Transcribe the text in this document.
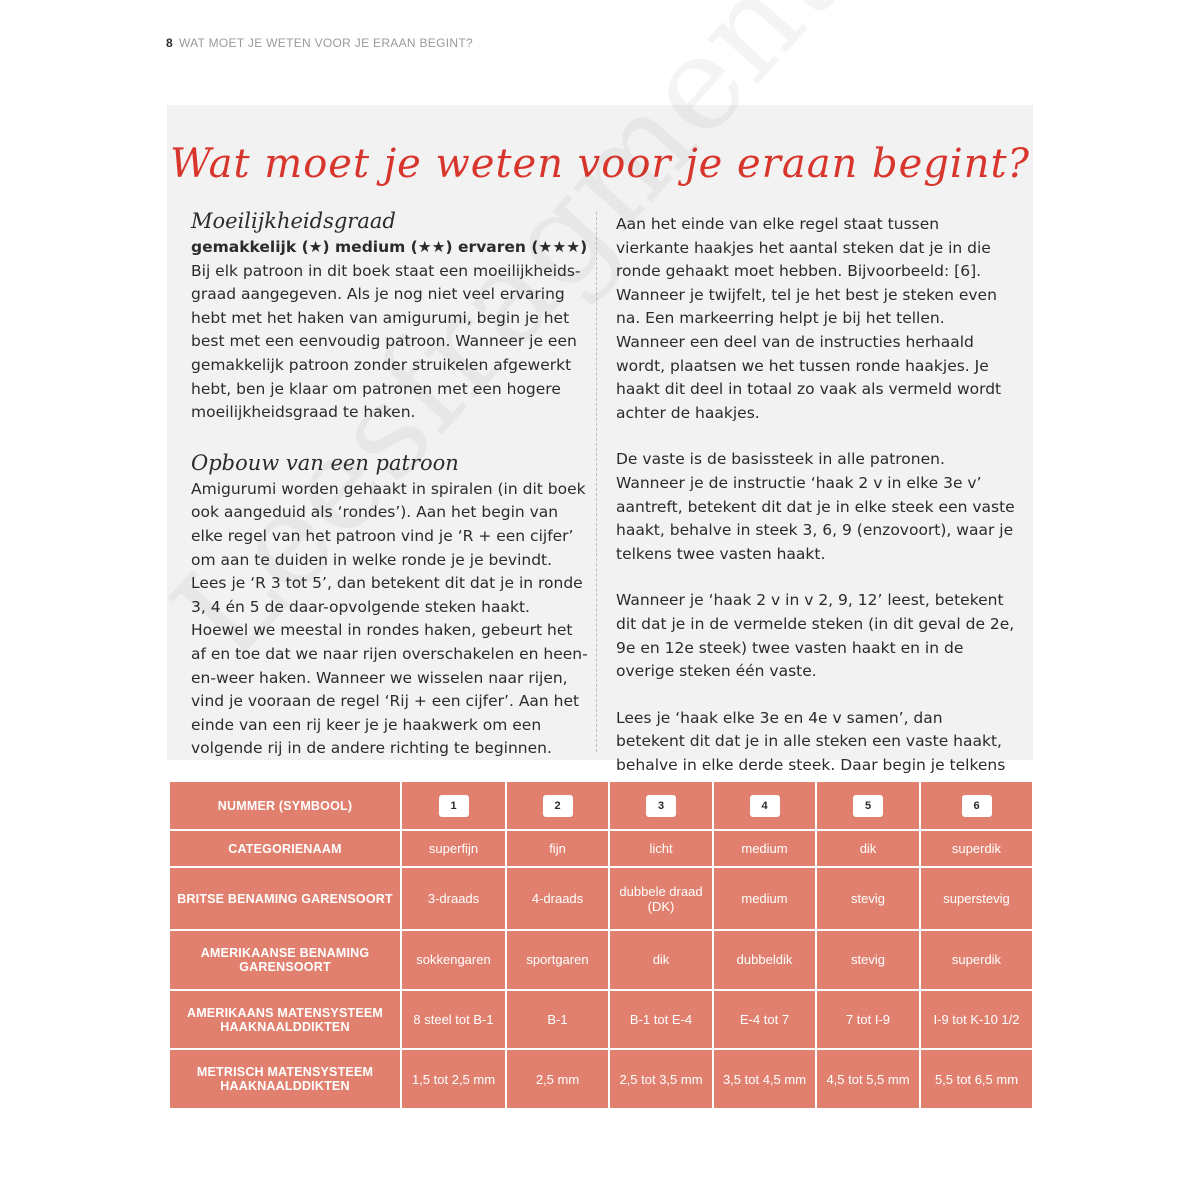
8 WAT MOET JE WETEN VOOR JE ERAAN BEGINT?
Wat moet je weten voor je eraan begint?

Moeilijkheidsgraad

gemakkelijk (★) medium (★★) ervaren (★★★)

Bij elk patroon in dit boek staat een moeilijkheids-graad aangegeven. Als je nog niet veel ervaring hebt met het haken van amigurumi, begin je het best met een eenvoudig patroon. Wanneer je een gemakkelijk patroon zonder struikelen afgewerkt hebt, ben je klaar om patronen met een hogere moeilijkheidsgraad te haken.

Opbouw van een patroon

Amigurumi worden gehaakt in spiralen (in dit boek ook aangeduid als ‘rondes’). Aan het begin van elke regel van het patroon vind je ‘R + een cijfer’ om aan te duiden in welke ronde je je bevindt. Lees je ‘R 3 tot 5’, dan betekent dit dat je in ronde 3, 4 én 5 de daar-opvolgende steken haakt.

Hoewel we meestal in rondes haken, gebeurt het af en toe dat we naar rijen overschakelen en heen-en-weer haken. Wanneer we wisselen naar rijen, vind je vooraan de regel ‘Rij + een cijfer’. Aan het einde van een rij keer je je haakwerk om een volgende rij in de andere richting te beginnen.

Aan het einde van elke regel staat tussen vierkante haakjes het aantal steken dat je in die ronde gehaakt moet hebben. Bijvoorbeeld: [6]. Wanneer je twijfelt, tel je het best je steken even na. Een markeerring helpt je bij het tellen.

Wanneer een deel van de instructies herhaald wordt, plaatsen we het tussen ronde haakjes. Je haakt dit deel in totaal zo vaak als vermeld wordt achter de haakjes.

De vaste is de basissteek in alle patronen. Wanneer je de instructie ‘haak 2 v in elke 3e v’ aantreft, betekent dit dat je in elke steek een vaste haakt, behalve in steek 3, 6, 9 (enzovoort), waar je telkens twee vasten haakt.

Wanneer je ‘haak 2 v in v 2, 9, 12’ leest, betekent dit dat je in de vermelde steken (in dit geval de 2e, 9e en 12e steek) twee vasten haakt en in de overige steken één vaste.

Lees je ‘haak elke 3e en 4e v samen’, dan betekent dit dat je in alle steken een vaste haakt, behalve in elke derde steek. Daar begin je telkens

NUMMER (SYMBOOL)	1	2	3	4	5	6
CATEGORIENAAM	superfijn	fijn	licht	medium	dik	superdik
BRITSE BENAMING GARENSOORT	3-draads	4-draads	dubbele draad (DK)	medium	stevig	superstevig
AMERIKAANSE BENAMING GARENSOORT	sokkengaren	sportgaren	dik	dubbeldik	stevig	superdik
AMERIKAANS MATENSYSTEEM HAAKNAALDDIKTEN	8 steel tot B-1	B-1	B-1 tot E-4	E-4 tot 7	7 tot I-9	I-9 tot K-10 1/2
METRISCH MATENSYSTEEM HAAKNAALDDIKTEN	1,5 tot 2,5 mm	2,5 mm	2,5 tot 3,5 mm	3,5 tot 4,5 mm	4,5 tot 5,5 mm	5,5 tot 6,5 mm
